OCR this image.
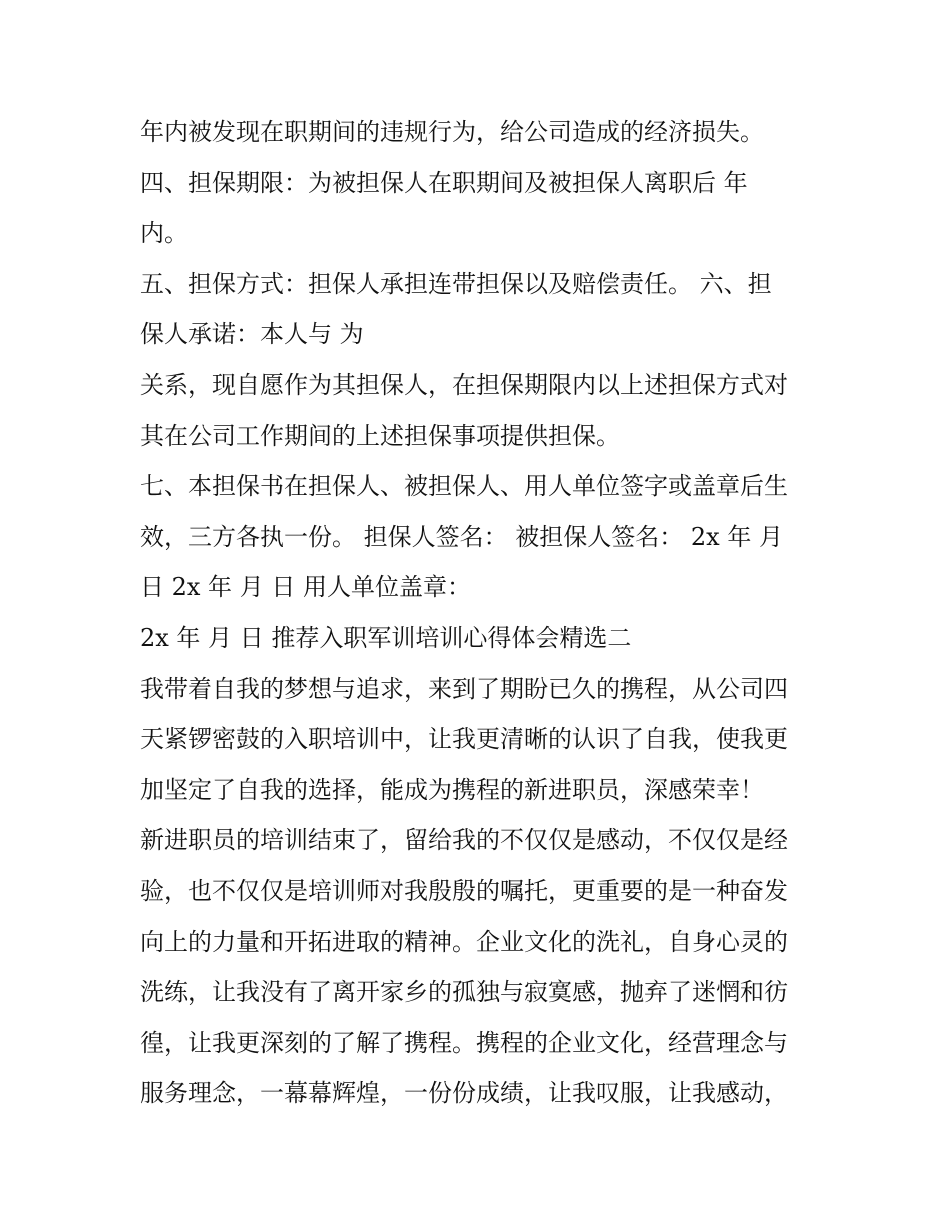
年内被发现在职期间的违规行为，给公司造成的经济损失。
四、担保期限：为被担保人在职期间及被担保人离职后 年
内。
五、担保方式：担保人承担连带担保以及赔偿责任。 六、担
保人承诺：本人与 为
关系，现自愿作为其担保人，在担保期限内以上述担保方式对
其在公司工作期间的上述担保事项提供担保。
七、本担保书在担保人、被担保人、用人单位签字或盖章后生
效，三方各执一份。 担保人签名： 被担保人签名： 2x 年 月
日 2x 年 月 日 用人单位盖章：
2x 年 月 日 推荐入职军训培训心得体会精选二
我带着自我的梦想与追求，来到了期盼已久的携程，从公司四
天紧锣密鼓的入职培训中，让我更清晰的认识了自我，使我更
加坚定了自我的选择，能成为携程的新进职员，深感荣幸！
新进职员的培训结束了，留给我的不仅仅是感动，不仅仅是经
验，也不仅仅是培训师对我殷殷的嘱托，更重要的是一种奋发
向上的力量和开拓进取的精神。企业文化的洗礼，自身心灵的
洗练，让我没有了离开家乡的孤独与寂寞感，抛弃了迷惘和彷
徨，让我更深刻的了解了携程。携程的企业文化，经营理念与
服务理念，一幕幕辉煌，一份份成绩，让我叹服，让我感动，
